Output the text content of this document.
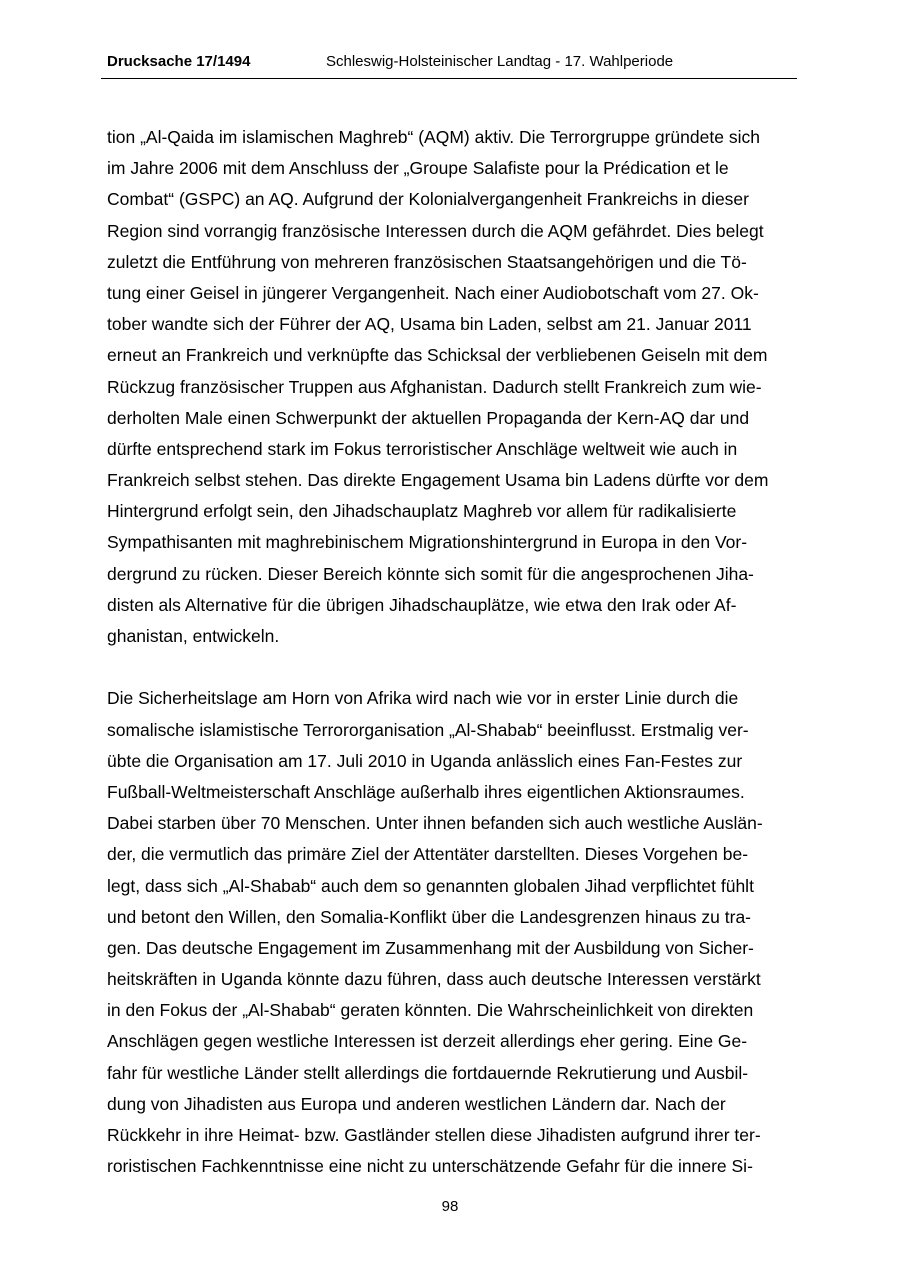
Drucksache 17/1494	Schleswig-Holsteinischer Landtag - 17. Wahlperiode
tion „Al-Qaida im islamischen Maghreb“ (AQM) aktiv. Die Terrorgruppe gründete sich
im Jahre 2006 mit dem Anschluss der „Groupe Salafiste pour la Prédication et le
Combat“ (GSPC) an AQ. Aufgrund der Kolonialvergangenheit Frankreichs in dieser
Region sind vorrangig französische Interessen durch die AQM gefährdet. Dies belegt
zuletzt die Entführung von mehreren französischen Staatsangehörigen und die Tö-
tung einer Geisel in jüngerer Vergangenheit. Nach einer Audiobotschaft vom 27. Ok-
tober wandte sich der Führer der AQ, Usama bin Laden, selbst am 21. Januar 2011
erneut an Frankreich und verknüpfte das Schicksal der verbliebenen Geiseln mit dem
Rückzug französischer Truppen aus Afghanistan. Dadurch stellt Frankreich zum wie-
derholten Male einen Schwerpunkt der aktuellen Propaganda der Kern-AQ dar und
dürfte entsprechend stark im Fokus terroristischer Anschläge weltweit wie auch in
Frankreich selbst stehen. Das direkte Engagement Usama bin Ladens dürfte vor dem
Hintergrund erfolgt sein, den Jihadschauplatz Maghreb vor allem für radikalisierte
Sympathisanten mit maghrebinischem Migrationshintergrund in Europa in den Vor-
dergrund zu rücken. Dieser Bereich könnte sich somit für die angesprochenen Jiha-
disten als Alternative für die übrigen Jihadschauplätze, wie etwa den Irak oder Af-
ghanistan, entwickeln.
Die Sicherheitslage am Horn von Afrika wird nach wie vor in erster Linie durch die
somalische islamistische Terrororganisation „Al-Shabab“ beeinflusst. Erstmalig ver-
übte die Organisation am 17. Juli 2010 in Uganda anlässlich eines Fan-Festes zur
Fußball-Weltmeisterschaft Anschläge außerhalb ihres eigentlichen Aktionsraumes.
Dabei starben über 70 Menschen. Unter ihnen befanden sich auch westliche Auslän-
der, die vermutlich das primäre Ziel der Attentäter darstellten. Dieses Vorgehen be-
legt, dass sich „Al-Shabab“ auch dem so genannten globalen Jihad verpflichtet fühlt
und betont den Willen, den Somalia-Konflikt über die Landesgrenzen hinaus zu tra-
gen. Das deutsche Engagement im Zusammenhang mit der Ausbildung von Sicher-
heitskräften in Uganda könnte dazu führen, dass auch deutsche Interessen verstärkt
in den Fokus der „Al-Shabab“ geraten könnten. Die Wahrscheinlichkeit von direkten
Anschlägen gegen westliche Interessen ist derzeit allerdings eher gering. Eine Ge-
fahr für westliche Länder stellt allerdings die fortdauernde Rekrutierung und Ausbil-
dung von Jihadisten aus Europa und anderen westlichen Ländern dar. Nach der
Rückkehr in ihre Heimat- bzw. Gastländer stellen diese Jihadisten aufgrund ihrer ter-
roristischen Fachkenntnisse eine nicht zu unterschätzende Gefahr für die innere Si-
98
